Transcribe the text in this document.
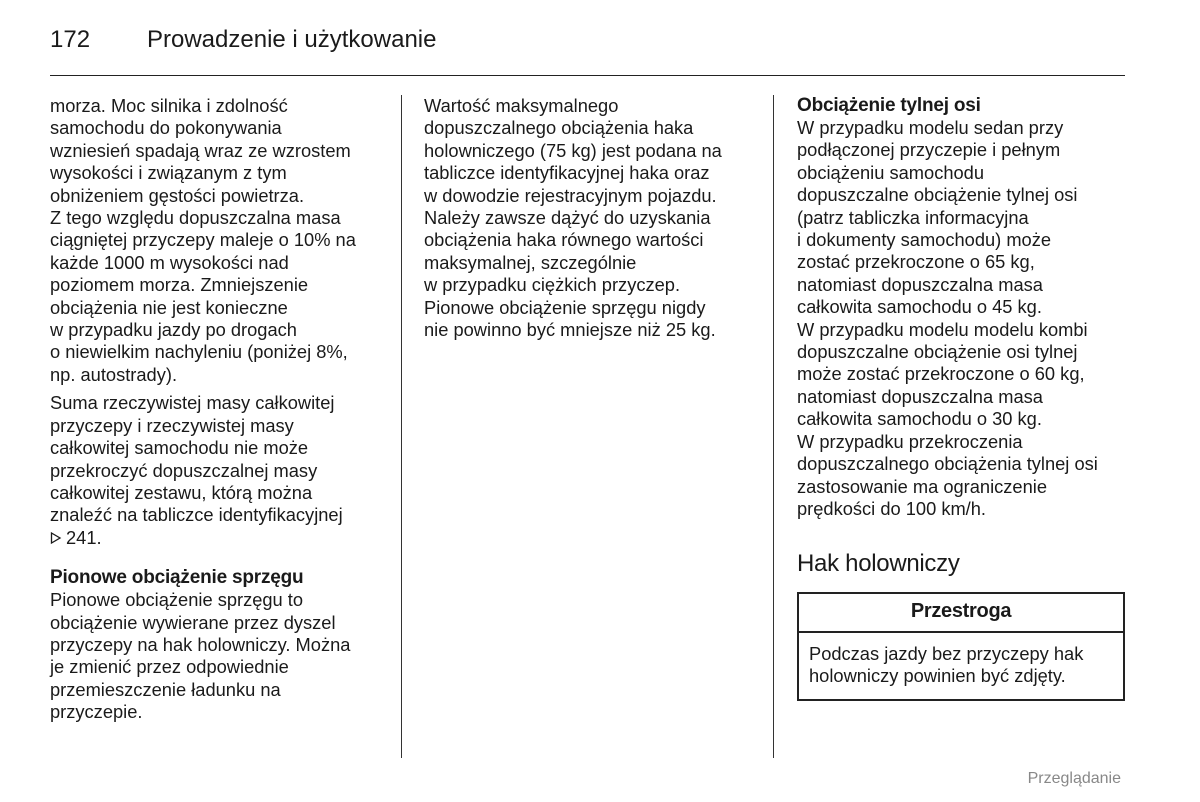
172 Prowadzenie i użytkowanie

morza. Moc silnika i zdolność
samochodu do pokonywania
wzniesień spadają wraz ze wzrostem
wysokości i związanym z tym
obniżeniem gęstości powietrza.
Z tego względu dopuszczalna masa
ciągniętej przyczepy maleje o 10% na
każde 1000 m wysokości nad
poziomem morza. Zmniejszenie
obciążenia nie jest konieczne
w przypadku jazdy po drogach
o niewielkim nachyleniu (poniżej 8%,
np. autostrady).

Suma rzeczywistej masy całkowitej
przyczepy i rzeczywistej masy
całkowitej samochodu nie może
przekroczyć dopuszczalnej masy
całkowitej zestawu, którą można
znaleźć na tabliczce identyfikacyjnej
241.

Pionowe obciążenie sprzęgu

Pionowe obciążenie sprzęgu to
obciążenie wywierane przez dyszel
przyczepy na hak holowniczy. Można
je zmienić przez odpowiednie
przemieszczenie ładunku na
przyczepie.

Wartość maksymalnego
dopuszczalnego obciążenia haka
holowniczego (75 kg) jest podana na
tabliczce identyfikacyjnej haka oraz
w dowodzie rejestracyjnym pojazdu.
Należy zawsze dążyć do uzyskania
obciążenia haka równego wartości
maksymalnej, szczególnie
w przypadku ciężkich przyczep.
Pionowe obciążenie sprzęgu nigdy
nie powinno być mniejsze niż 25 kg.

Obciążenie tylnej osi

W przypadku modelu sedan przy
podłączonej przyczepie i pełnym
obciążeniu samochodu
dopuszczalne obciążenie tylnej osi
(patrz tabliczka informacyjna
i dokumenty samochodu) może
zostać przekroczone o 65 kg,
natomiast dopuszczalna masa
całkowita samochodu o 45 kg.
W przypadku modelu modelu kombi
dopuszczalne obciążenie osi tylnej
może zostać przekroczone o 60 kg,
natomiast dopuszczalna masa
całkowita samochodu o 30 kg.
W przypadku przekroczenia
dopuszczalnego obciążenia tylnej osi
zastosowanie ma ograniczenie
prędkości do 100 km/h.

Hak holowniczy

Przestroga
Podczas jazdy bez przyczepy hak
holowniczy powinien być zdjęty.
Przeglądanie
